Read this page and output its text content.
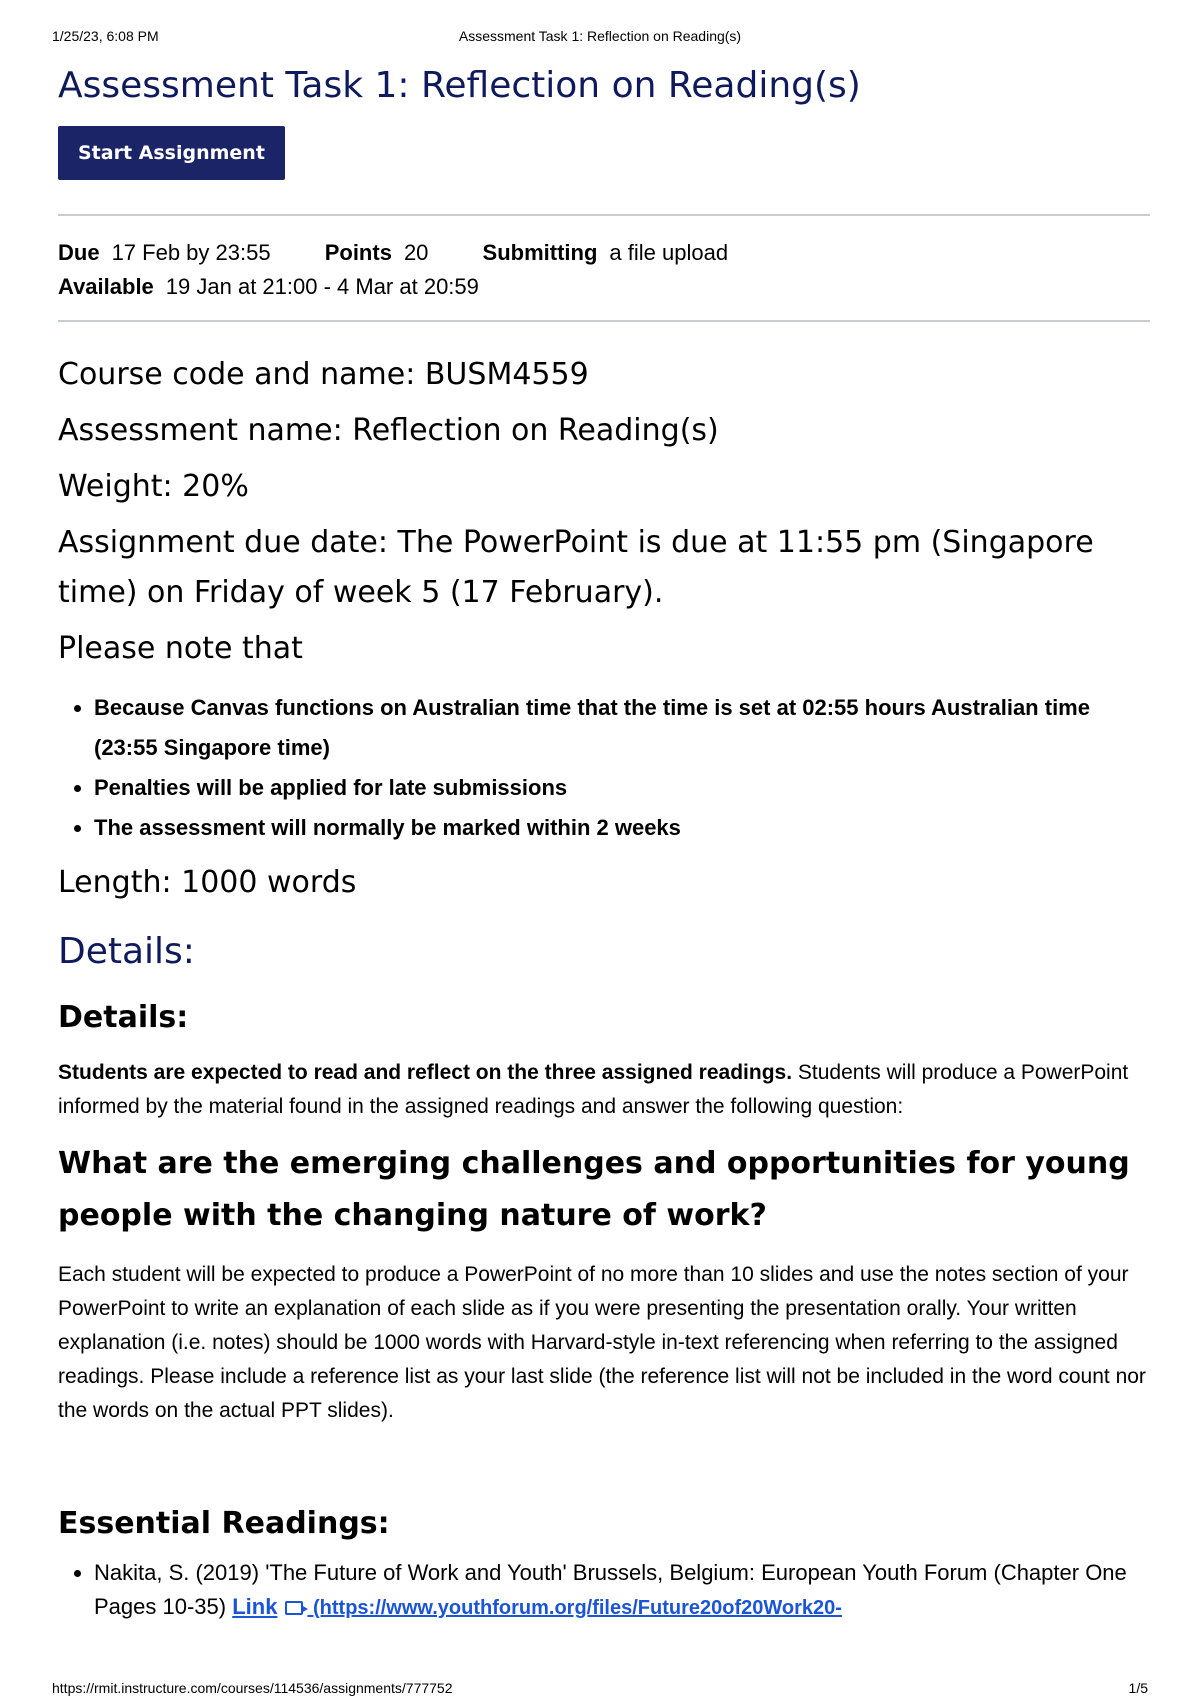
1/25/23, 6:08 PM	Assessment Task 1: Reflection on Reading(s)
Assessment Task 1: Reflection on Reading(s)
Start Assignment
Due 17 Feb by 23:55 Points 20 Submitting a file upload
Available 19 Jan at 21:00 - 4 Mar at 20:59

Course code and name: BUSM4559

Assessment name: Reflection on Reading(s)

Weight: 20%

Assignment due date: The PowerPoint is due at 11:55 pm (Singapore
time) on Friday of week 5 (17 February).

Please note that

• Because Canvas functions on Australian time that the time is set at 02:55 hours Australian time (23:55 Singapore time)
• Penalties will be applied for late submissions
• The assessment will normally be marked within 2 weeks

Length: 1000 words

Details:
Details:

Students are expected to read and reflect on the three assigned readings. Students will produce a PowerPoint informed by the material found in the assigned readings and answer the following question:

What are the emerging challenges and opportunities for young people with the changing nature of work?

Each student will be expected to produce a PowerPoint of no more than 10 slides and use the notes section of your PowerPoint to write an explanation of each slide as if you were presenting the presentation orally. Your written explanation (i.e. notes) should be 1000 words with Harvard-style in-text referencing when referring to the assigned readings. Please include a reference list as your last slide (the reference list will not be included in the word count nor the words on the actual PPT slides).

Essential Readings:
• Nakita, S. (2019) 'The Future of Work and Youth' Brussels, Belgium: European Youth Forum (Chapter One Pages 10-35) Link (https://www.youthforum.org/files/Future20of20Work20-
https://rmit.instructure.com/courses/114536/assignments/777752	1/5
